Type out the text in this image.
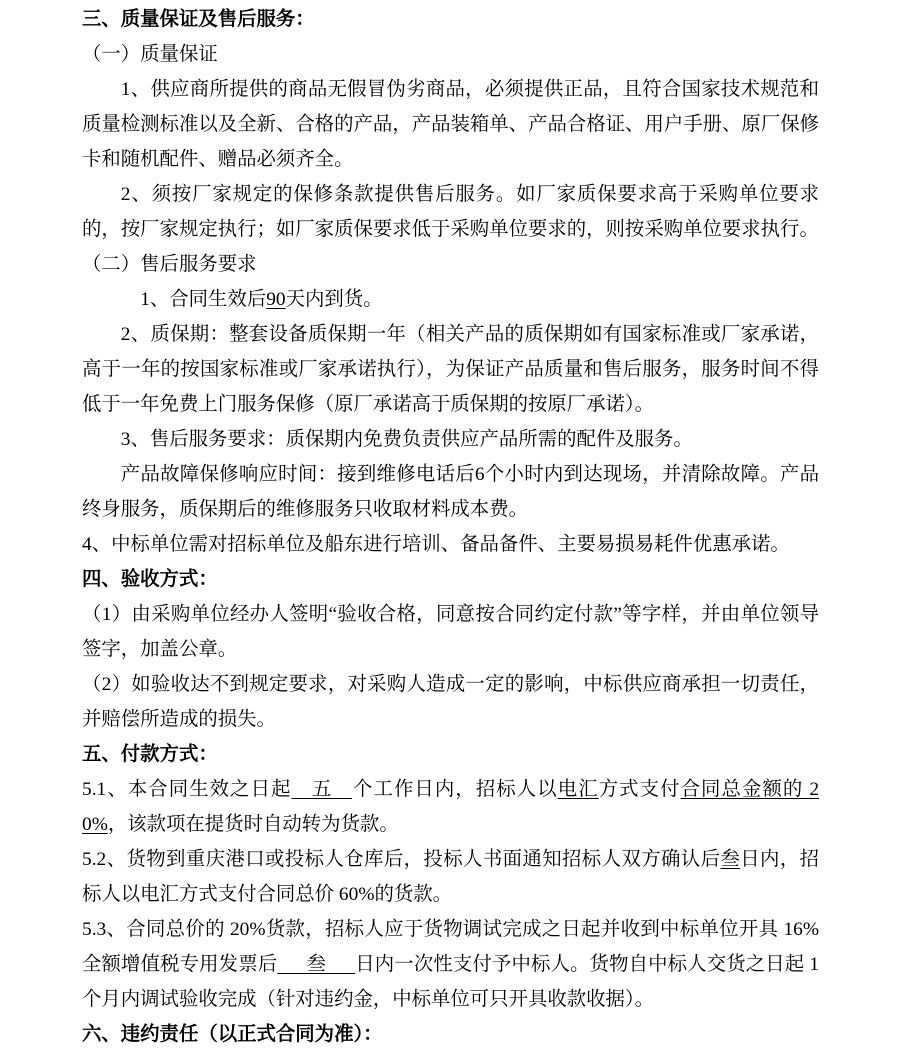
三、质量保证及售后服务：

（一）质量保证

1、供应商所提供的商品无假冒伪劣商品，必须提供正品，且符合国家技术规范和质量检测标准以及全新、合格的产品，产品装箱单、产品合格证、用户手册、原厂保修卡和随机配件、赠品必须齐全。

2、须按厂家规定的保修条款提供售后服务。如厂家质保要求高于采购单位要求的，按厂家规定执行；如厂家质保要求低于采购单位要求的，则按采购单位要求执行。

（二）售后服务要求

1、合同生效后90天内到货。

2、质保期：整套设备质保期一年（相关产品的质保期如有国家标准或厂家承诺，高于一年的按国家标准或厂家承诺执行），为保证产品质量和售后服务，服务时间不得低于一年免费上门服务保修（原厂承诺高于质保期的按原厂承诺）。

3、售后服务要求：质保期内免费负责供应产品所需的配件及服务。

产品故障保修响应时间：接到维修电话后6个小时内到达现场，并清除故障。产品终身服务，质保期后的维修服务只收取材料成本费。

4、中标单位需对招标单位及船东进行培训、备品备件、主要易损易耗件优惠承诺。

四、验收方式：

（1）由采购单位经办人签明“验收合格，同意按合同约定付款”等字样，并由单位领导签字，加盖公章。

（2）如验收达不到规定要求，对采购人造成一定的影响，中标供应商承担一切责任，并赔偿所造成的损失。

五、付款方式：

5.1、本合同生效之日起 五 个工作日内，招标人以电汇方式支付合同总金额的 20%，该款项在提货时自动转为货款。

5.2、货物到重庆港口或投标人仓库后，投标人书面通知招标人双方确认后叁日内，招标人以电汇方式支付合同总价 60%的货款。

5.3、合同总价的 20%货款，招标人应于货物调试完成之日起并收到中标单位开具 16%全额增值税专用发票后  叁  日内一次性支付予中标人。货物自中标人交货之日起 1 个月内调试验收完成（针对违约金，中标单位可只开具收款收据）。

六、违约责任（以正式合同为准）：
